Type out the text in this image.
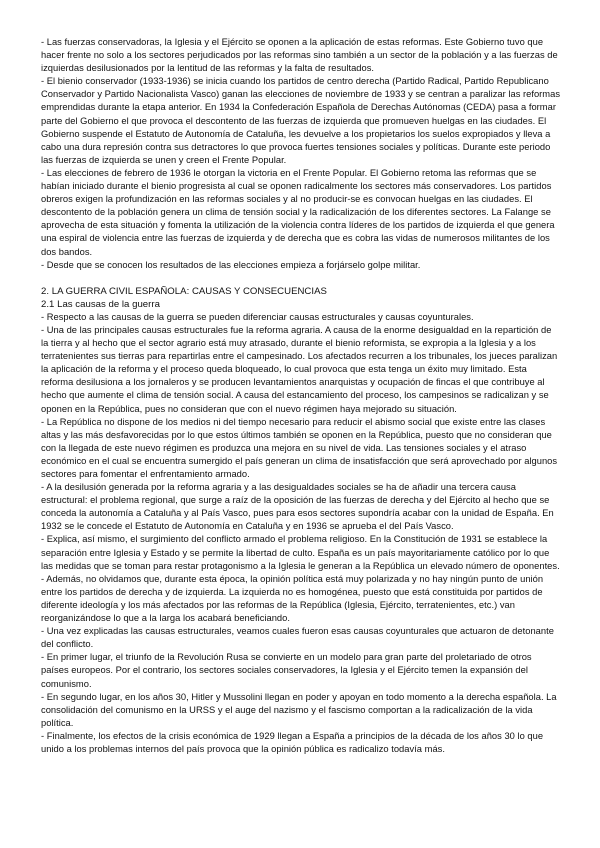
- Las fuerzas conservadoras, la Iglesia y el Ejército se oponen a la aplicación de estas reformas. Este Gobierno tuvo que hacer frente no solo a los sectores perjudicados por las reformas sino también a un sector de la población y a las fuerzas de izquierdas desilusionados por la lentitud de las reformas y la falta de resultados.

- El bienio conservador (1933-1936) se inicia cuando los partidos de centro derecha (Partido Radical, Partido Republicano Conservador y Partido Nacionalista Vasco) ganan las elecciones de noviembre de 1933 y se centran a paralizar las reformas emprendidas durante la etapa anterior. En 1934 la Confederación Española de Derechas Autónomas (CEDA) pasa a formar parte del Gobierno el que provoca el descontento de las fuerzas de izquierda que promueven huelgas en las ciudades. El Gobierno suspende el Estatuto de Autonomía de Cataluña, les devuelve a los propietarios los suelos expropiados y lleva a cabo una dura represión contra sus detractores lo que provoca fuertes tensiones sociales y políticas. Durante este periodo las fuerzas de izquierda se unen y creen el Frente Popular.

- Las elecciones de febrero de 1936 le otorgan la victoria en el Frente Popular. El Gobierno retoma las reformas que se habían iniciado durante el bienio progresista al cual se oponen radicalmente los sectores más conservadores. Los partidos obreros exigen la profundización en las reformas sociales y al no producir-se es convocan huelgas en las ciudades. El descontento de la población genera un clima de tensión social y la radicalización de los diferentes sectores. La Falange se aprovecha de esta situación y fomenta la utilización de la violencia contra líderes de los partidos de izquierda el que genera una espiral de violencia entre las fuerzas de izquierda y de derecha que es cobra las vidas de numerosos militantes de los dos bandos.

- Desde que se conocen los resultados de las elecciones empieza a forjárselo golpe militar.

2. LA GUERRA CIVIL ESPAÑOLA: CAUSAS Y CONSECUENCIAS

2.1 Las causas de la guerra

- Respecto a las causas de la guerra se pueden diferenciar causas estructurales y causas coyunturales.

- Una de las principales causas estructurales fue la reforma agraria. A causa de la enorme desigualdad en la repartición de la tierra y al hecho que el sector agrario está muy atrasado, durante el bienio reformista, se expropia a la Iglesia y a los terratenientes sus tierras para repartirlas entre el campesinado. Los afectados recurren a los tribunales, los jueces paralizan la aplicación de la reforma y el proceso queda bloqueado, lo cual provoca que esta tenga un éxito muy limitado. Esta reforma desilusiona a los jornaleros y se producen levantamientos anarquistas y ocupación de fincas el que contribuye al hecho que aumente el clima de tensión social. A causa del estancamiento del proceso, los campesinos se radicalizan y se oponen en la República, pues no consideran que con el nuevo régimen haya mejorado su situación.

- La República no dispone de los medios ni del tiempo necesario para reducir el abismo social que existe entre las clases altas y las más desfavorecidas por lo que estos últimos también se oponen en la República, puesto que no consideran que con la llegada de este nuevo régimen es produzca una mejora en su nivel de vida. Las tensiones sociales y el atraso económico en el cual se encuentra sumergido el país generan un clima de insatisfacción que será aprovechado por algunos sectores para fomentar el enfrentamiento armado.

- A la desilusión generada por la reforma agraria y a las desigualdades sociales se ha de añadir una tercera causa estructural: el problema regional, que surge a raíz de la oposición de las fuerzas de derecha y del Ejército al hecho que se conceda la autonomía a Cataluña y al País Vasco, pues para esos sectores supondría acabar con la unidad de España. En 1932 se le concede el Estatuto de Autonomía en Cataluña y en 1936 se aprueba el del País Vasco.

- Explica, así mismo, el surgimiento del conflicto armado el problema religioso. En la Constitución de 1931 se establece la separación entre Iglesia y Estado y se permite la libertad de culto. España es un país mayoritariamente católico por lo que las medidas que se toman para restar protagonismo a la Iglesia le generan a la República un elevado número de oponentes.

- Además, no olvidamos que, durante esta época, la opinión política está muy polarizada y no hay ningún punto de unión entre los partidos de derecha y de izquierda. La izquierda no es homogénea, puesto que está constituida por partidos de diferente ideología y los más afectados por las reformas de la República (Iglesia, Ejército, terratenientes, etc.) van reorganizándose lo que a la larga los acabará beneficiando.

- Una vez explicadas las causas estructurales, veamos cuales fueron esas causas coyunturales que actuaron de detonante del conflicto.

- En primer lugar, el triunfo de la Revolución Rusa se convierte en un modelo para gran parte del proletariado de otros países europeos. Por el contrario, los sectores sociales conservadores, la Iglesia y el Ejército temen la expansión del comunismo.

- En segundo lugar, en los años 30, Hitler y Mussolini llegan en poder y apoyan en todo momento a la derecha española. La consolidación del comunismo en la URSS y el auge del nazismo y el fascismo comportan a la radicalización de la vida política.

- Finalmente, los efectos de la crisis económica de 1929 llegan a España a principios de la década de los años 30 lo que unido a los problemas internos del país provoca que la opinión pública es radicalizo todavía más.
